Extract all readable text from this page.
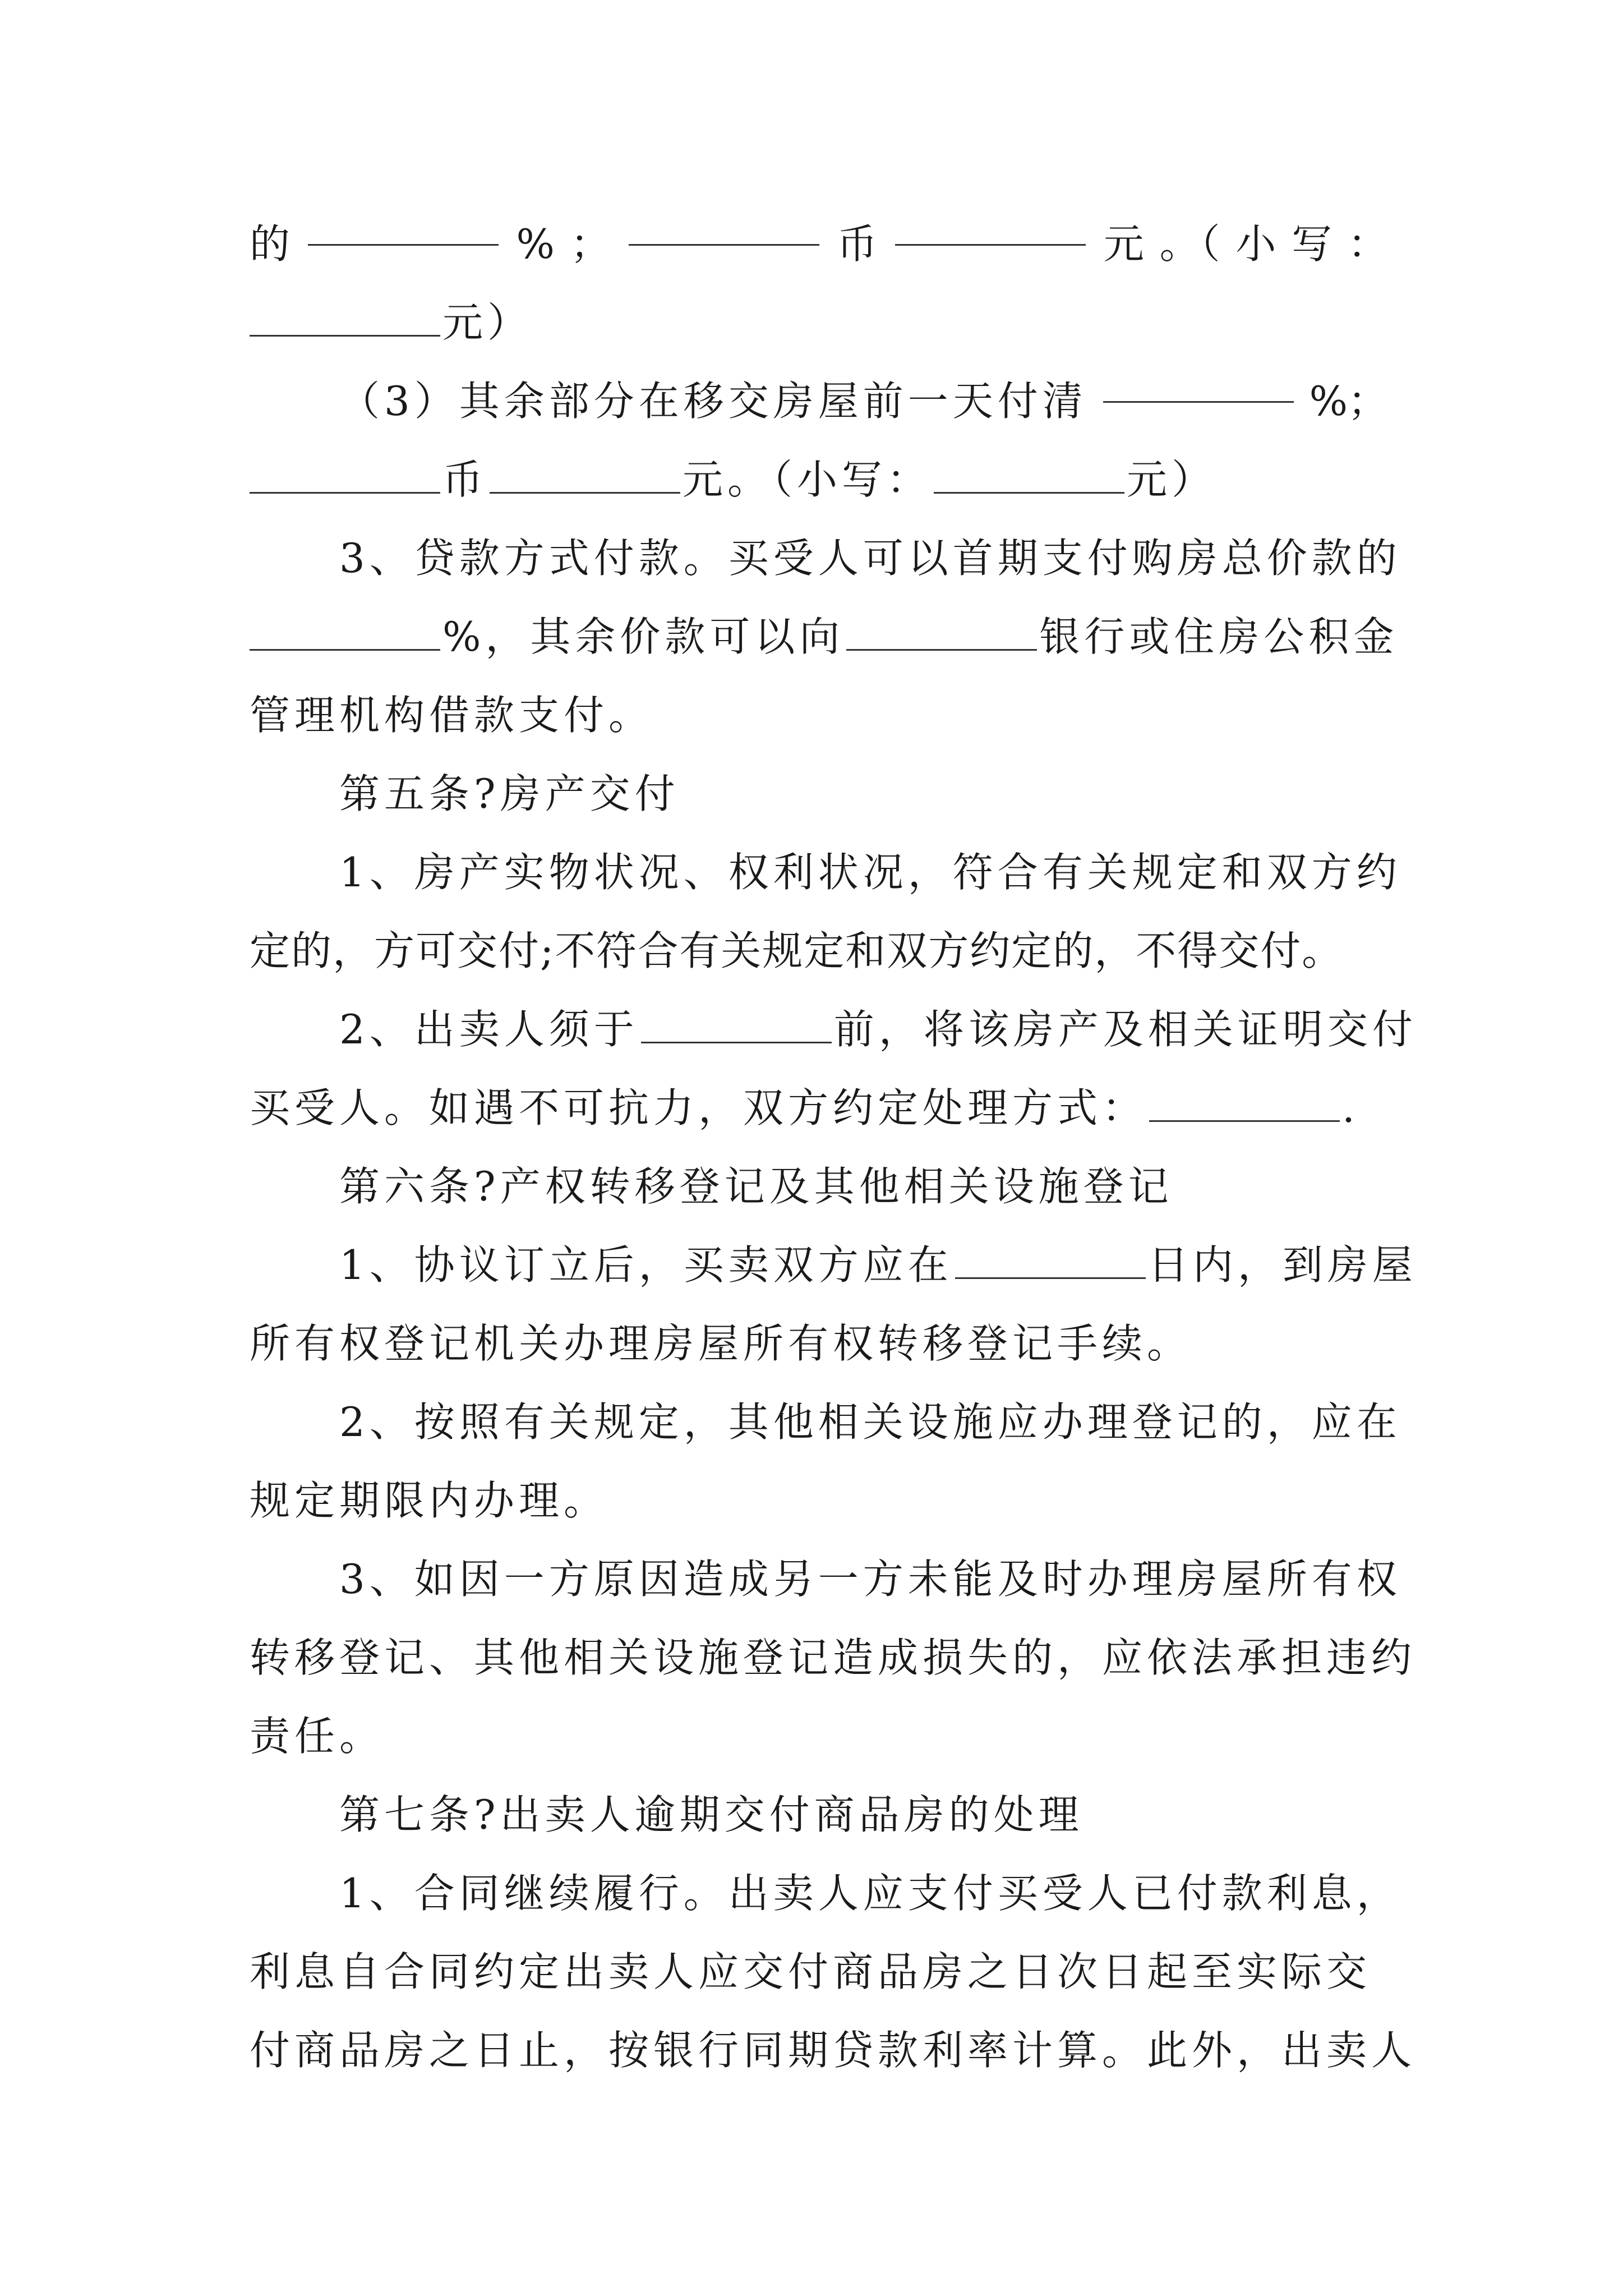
的	% ；	币	元 。（ 小 写 ：
元）
（3）其余部分在移交房屋前一天付清	%；
币	元。（小写：	元）
3、贷款方式付款。买受人可以首期支付购房总价款的
%，其余价款可以向	银行或住房公积金
管理机构借款支付。
第五条?房产交付
1、房产实物状况、权利状况，符合有关规定和双方约
定的，方可交付;不符合有关规定和双方约定的，不得交付。
2、出卖人须于	前，将该房产及相关证明交付
买受人。如遇不可抗力，双方约定处理方式：	.
第六条?产权转移登记及其他相关设施登记
1、协议订立后，买卖双方应在	日内，到房屋
所有权登记机关办理房屋所有权转移登记手续。
2、按照有关规定，其他相关设施应办理登记的，应在
规定期限内办理。
3、如因一方原因造成另一方未能及时办理房屋所有权
转移登记、其他相关设施登记造成损失的，应依法承担违约
责任。
第七条?出卖人逾期交付商品房的处理
1、合同继续履行。出卖人应支付买受人已付款利息，
利息自合同约定出卖人应交付商品房之日次日起至实际交
付商品房之日止，按银行同期贷款利率计算。此外，出卖人
